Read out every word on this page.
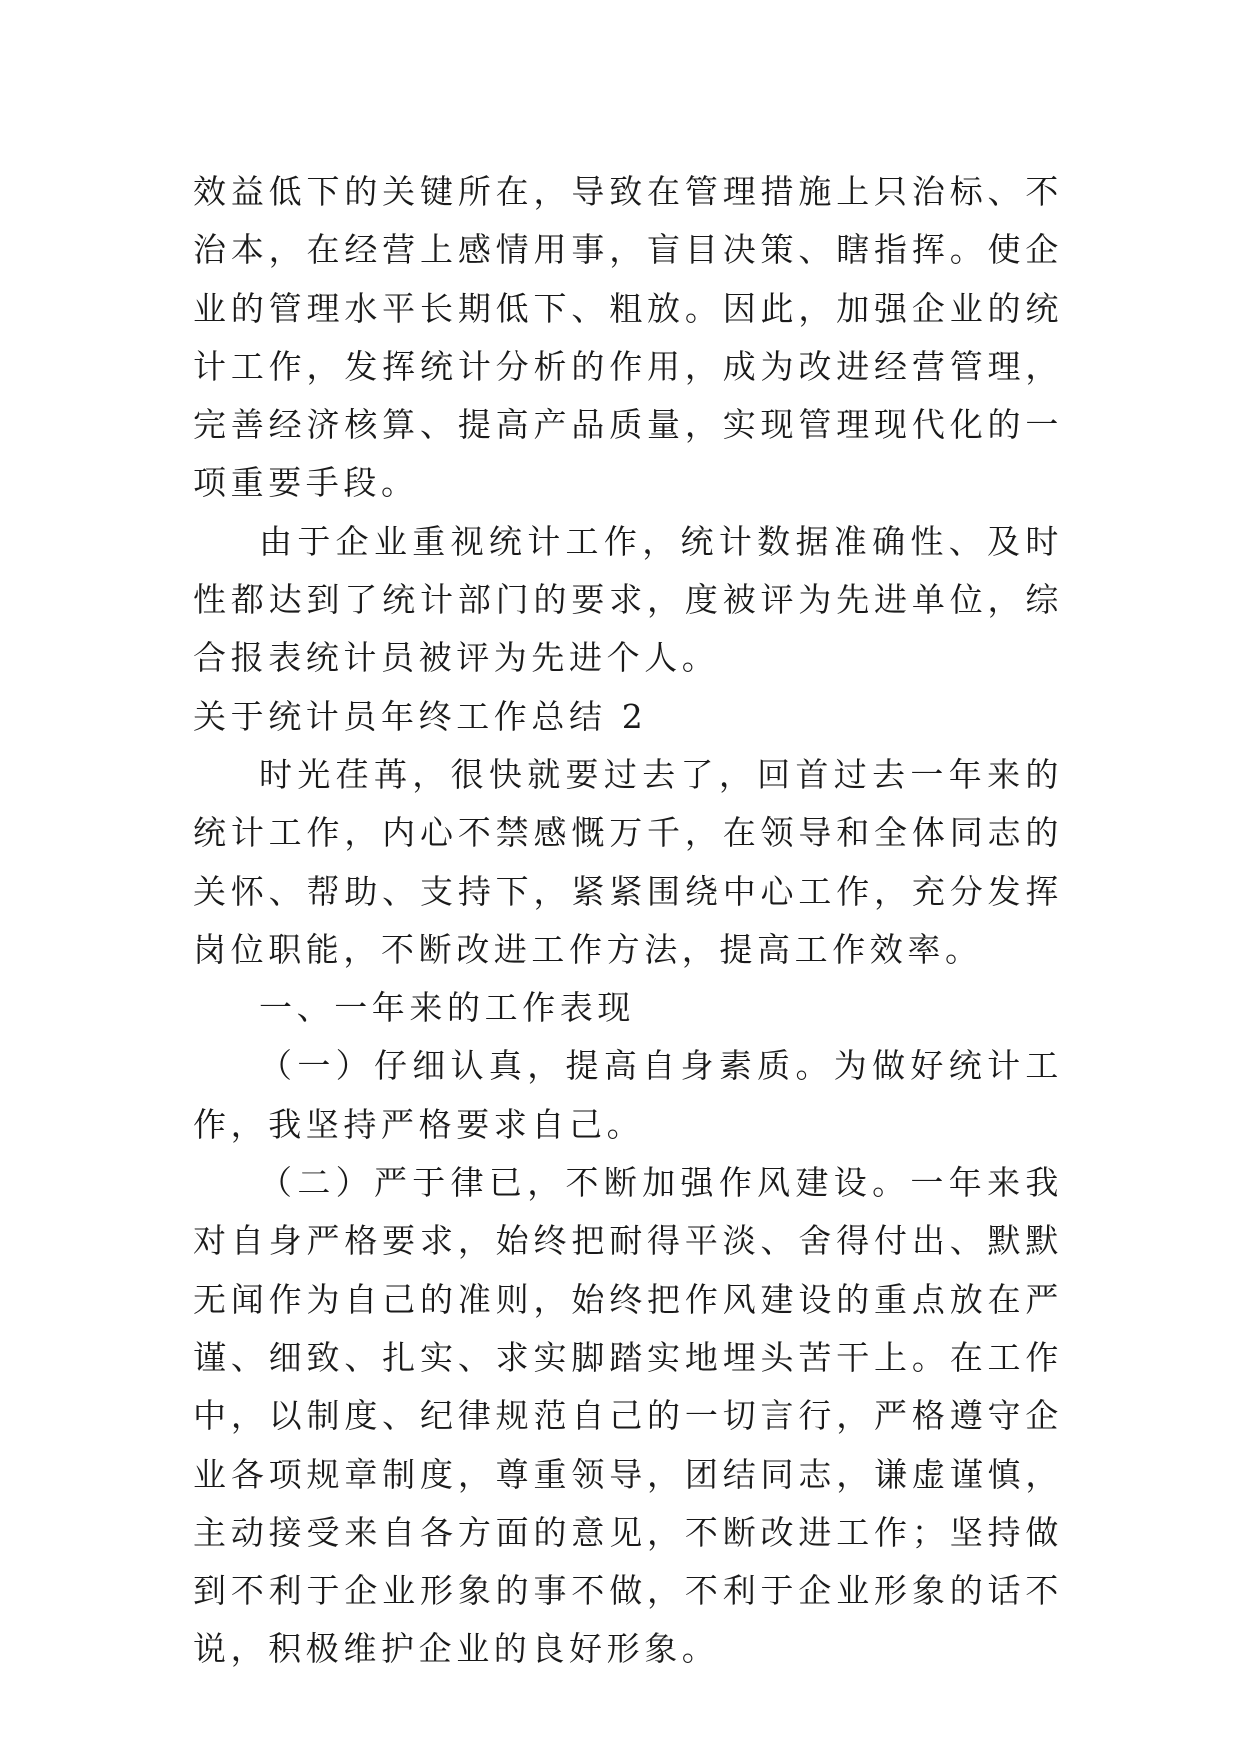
效益低下的关键所在，导致在管理措施上只治标、不治本，在经营上感情用事，盲目决策、瞎指挥。使企业的管理水平长期低下、粗放。因此，加强企业的统计工作，发挥统计分析的作用，成为改进经营管理，完善经济核算、提高产品质量，实现管理现代化的一项重要手段。

由于企业重视统计工作，统计数据准确性、及时性都达到了统计部门的要求，度被评为先进单位，综合报表统计员被评为先进个人。

关于统计员年终工作总结 2

时光荏苒，很快就要过去了，回首过去一年来的统计工作，内心不禁感慨万千，在领导和全体同志的关怀、帮助、支持下，紧紧围绕中心工作，充分发挥岗位职能，不断改进工作方法，提高工作效率。

一、一年来的工作表现

（一）仔细认真，提高自身素质。为做好统计工作，我坚持严格要求自己。

（二）严于律已，不断加强作风建设。一年来我对自身严格要求，始终把耐得平淡、舍得付出、默默无闻作为自己的准则，始终把作风建设的重点放在严谨、细致、扎实、求实脚踏实地埋头苦干上。在工作中，以制度、纪律规范自己的一切言行，严格遵守企业各项规章制度，尊重领导，团结同志，谦虚谨慎，主动接受来自各方面的意见，不断改进工作；坚持做到不利于企业形象的事不做，不利于企业形象的话不说，积极维护企业的良好形象。
